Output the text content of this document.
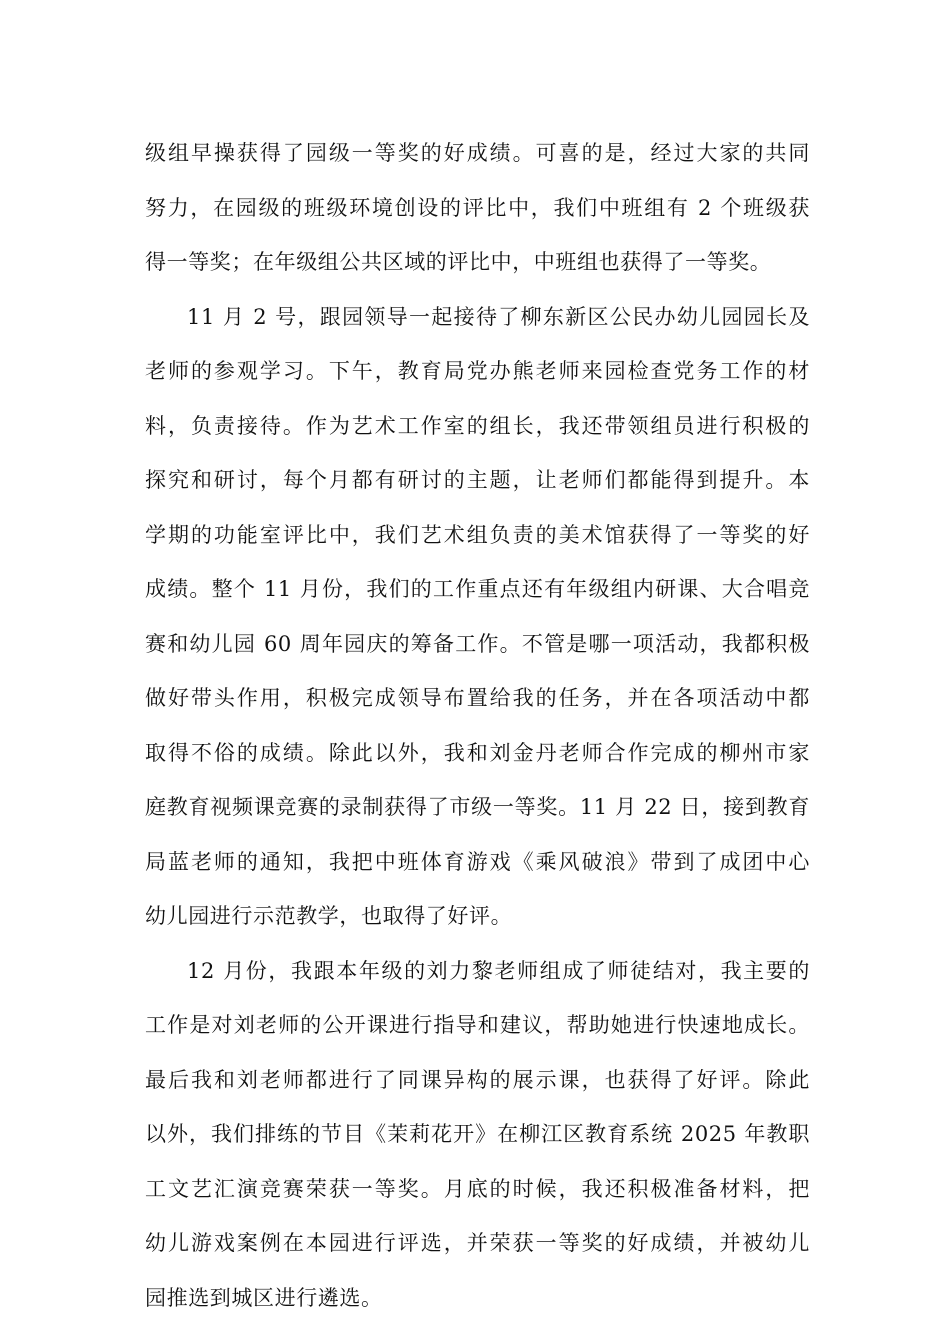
级组早操获得了园级一等奖的好成绩。可喜的是，经过大家的共同
努力，在园级的班级环境创设的评比中，我们中班组有 2 个班级获
得一等奖；在年级组公共区域的评比中，中班组也获得了一等奖。
11 月 2 号，跟园领导一起接待了柳东新区公民办幼儿园园长及
老师的参观学习。下午，教育局党办熊老师来园检查党务工作的材
料，负责接待。作为艺术工作室的组长，我还带领组员进行积极的
探究和研讨，每个月都有研讨的主题，让老师们都能得到提升。本
学期的功能室评比中，我们艺术组负责的美术馆获得了一等奖的好
成绩。整个 11 月份，我们的工作重点还有年级组内研课、大合唱竞
赛和幼儿园 60 周年园庆的筹备工作。不管是哪一项活动，我都积极
做好带头作用，积极完成领导布置给我的任务，并在各项活动中都
取得不俗的成绩。除此以外，我和刘金丹老师合作完成的柳州市家
庭教育视频课竞赛的录制获得了市级一等奖。11 月 22 日，接到教育
局蓝老师的通知，我把中班体育游戏《乘风破浪》带到了成团中心
幼儿园进行示范教学，也取得了好评。
12 月份，我跟本年级的刘力黎老师组成了师徒结对，我主要的
工作是对刘老师的公开课进行指导和建议，帮助她进行快速地成长。
最后我和刘老师都进行了同课异构的展示课，也获得了好评。除此
以外，我们排练的节目《茉莉花开》在柳江区教育系统 2025 年教职
工文艺汇演竞赛荣获一等奖。月底的时候，我还积极准备材料，把
幼儿游戏案例在本园进行评选，并荣获一等奖的好成绩，并被幼儿
园推选到城区进行遴选。
